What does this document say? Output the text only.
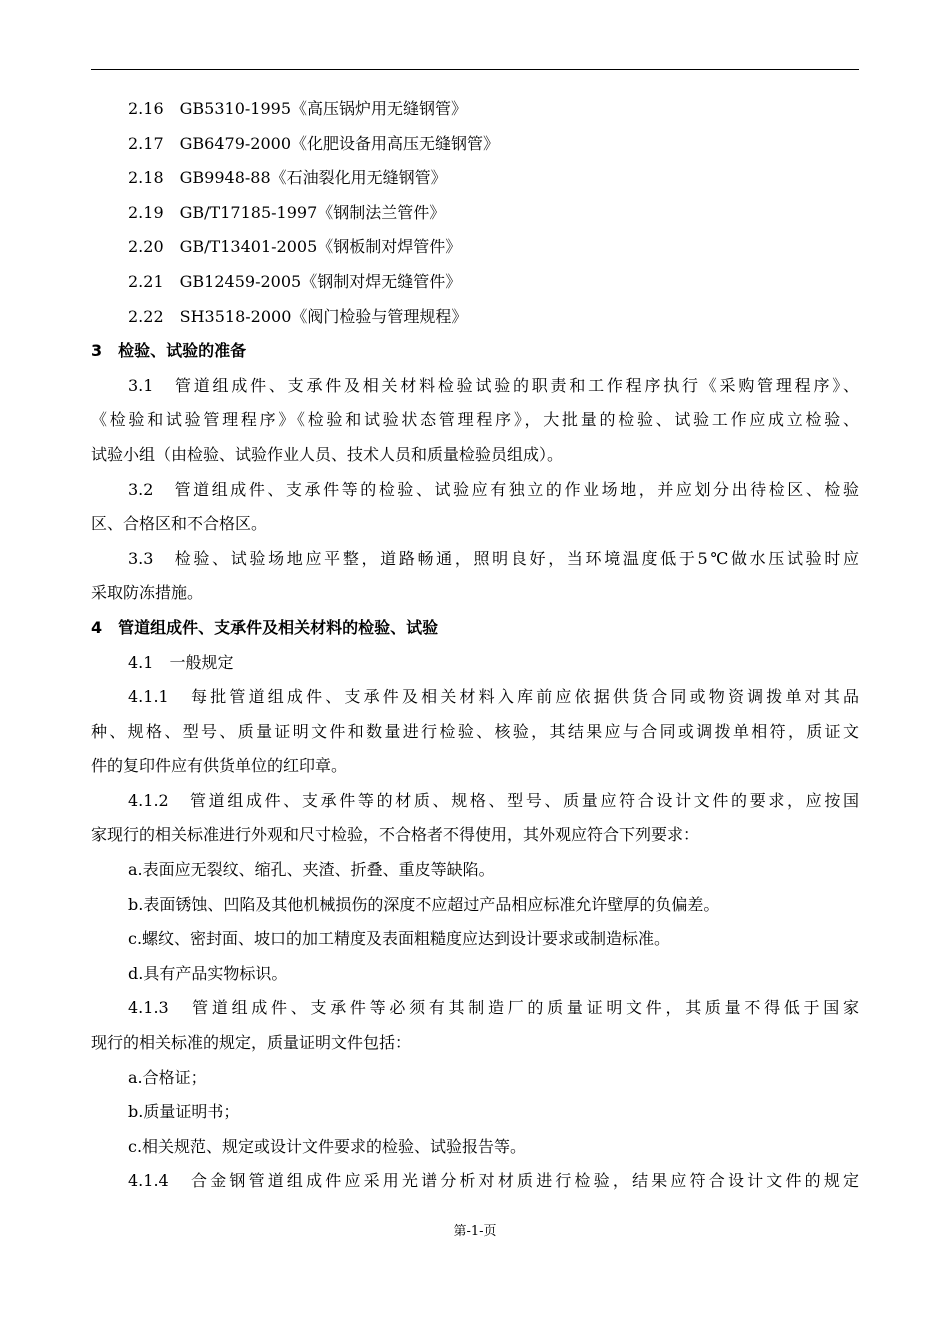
2.16 GB5310-1995《高压锅炉用无缝钢管》
2.17 GB6479-2000《化肥设备用高压无缝钢管》
2.18 GB9948-88《石油裂化用无缝钢管》
2.19 GB/T17185-1997《钢制法兰管件》
2.20 GB/T13401-2005《钢板制对焊管件》
2.21 GB12459-2005《钢制对焊无缝管件》
2.22 SH3518-2000《阀门检验与管理规程》
3 检验、试验的准备
3.1　管道组成件、支承件及相关材料检验试验的职责和工作程序执行《采购管理程序》、
《检验和试验管理程序》《检验和试验状态管理程序》，大批量的检验、试验工作应成立检验、
试验小组（由检验、试验作业人员、技术人员和质量检验员组成）。
3.2　管道组成件、支承件等的检验、试验应有独立的作业场地，并应划分出待检区、检验
区、合格区和不合格区。
3.3　检验、试验场地应平整，道路畅通，照明良好，当环境温度低于5℃做水压试验时应
采取防冻措施。
4 管道组成件、支承件及相关材料的检验、试验
4.1　一般规定
4.1.1　每批管道组成件、支承件及相关材料入库前应依据供货合同或物资调拨单对其品
种、规格、型号、质量证明文件和数量进行检验、核验，其结果应与合同或调拨单相符，质证文
件的复印件应有供货单位的红印章。
4.1.2　管道组成件、支承件等的材质、规格、型号、质量应符合设计文件的要求，应按国
家现行的相关标准进行外观和尺寸检验，不合格者不得使用，其外观应符合下列要求：
a.表面应无裂纹、缩孔、夹渣、折叠、重皮等缺陷。
b.表面锈蚀、凹陷及其他机械损伤的深度不应超过产品相应标准允许壁厚的负偏差。
c.螺纹、密封面、坡口的加工精度及表面粗糙度应达到设计要求或制造标准。
d.具有产品实物标识。
4.1.3　管道组成件、支承件等必须有其制造厂的质量证明文件，其质量不得低于国家
现行的相关标准的规定，质量证明文件包括：
a.合格证；
b.质量证明书；
c.相关规范、规定或设计文件要求的检验、试验报告等。
4.1.4　合金钢管道组成件应采用光谱分析对材质进行检验，结果应符合设计文件的规定
第-1-页
